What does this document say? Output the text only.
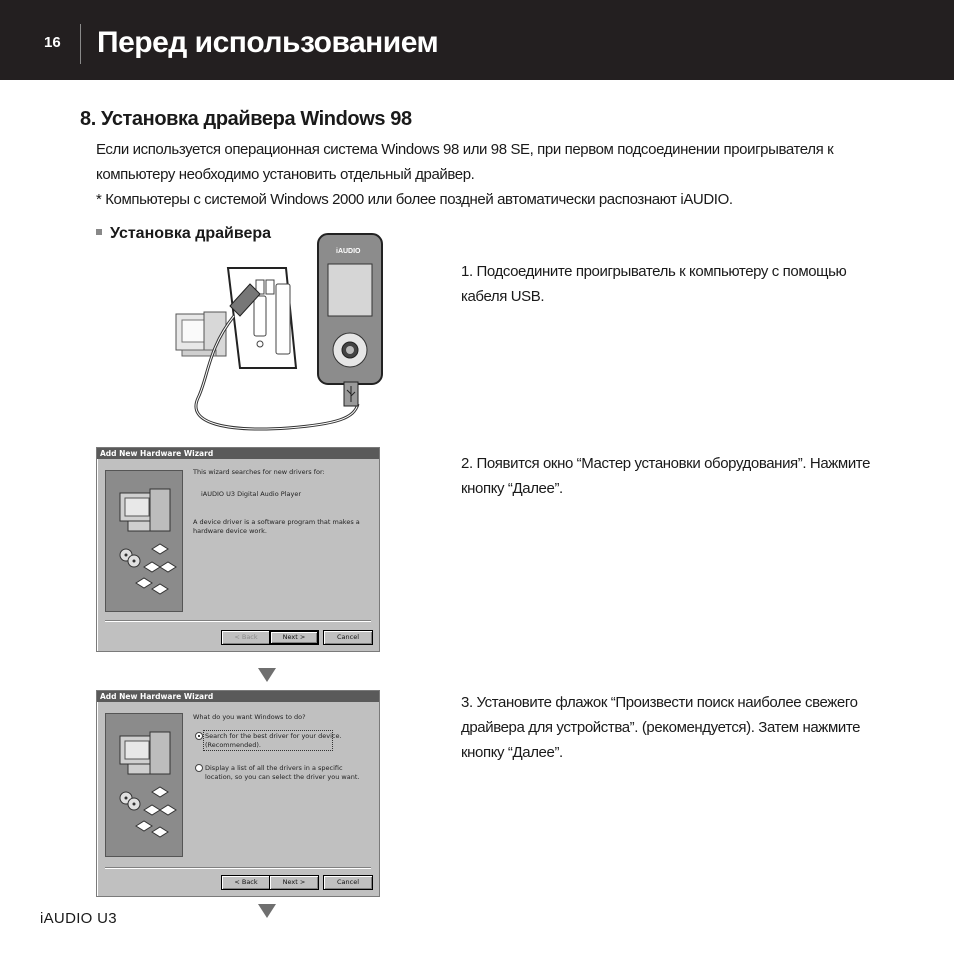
16 Перед использованием
8. Установка драйвера Windows 98
Если используется операционная система Windows 98 или 98 SE, при первом подсоединении проигрывателя к
компьютеру необходимо установить отдельный драйвер.
* Компьютеры с системой Windows 2000 или более поздней автоматически распознают iAUDIO.
Установка драйвера
iAUDIO
1. Подсоедините проигрыватель к компьютеру с помощью
кабеля USB.
Add New Hardware Wizard
This wizard searches for new drivers for:
iAUDIO U3 Digital Audio Player
A device driver is a software program that makes a
hardware device work.
< Back	Next >	Cancel
2. Появится окно “Мастер установки оборудования”. Нажмите
кнопку “Далее”.
Add New Hardware Wizard
What do you want Windows to do?
Search for the best driver for your device.
(Recommended).
Display a list of all the drivers in a specific
location, so you can select the driver you want.
< Back	Next >	Cancel
3. Установите флажок “Произвести поиск наиболее свежего
драйвера для устройства”. (рекомендуется). Затем нажмите
кнопку “Далее”.
iAUDIO U3
